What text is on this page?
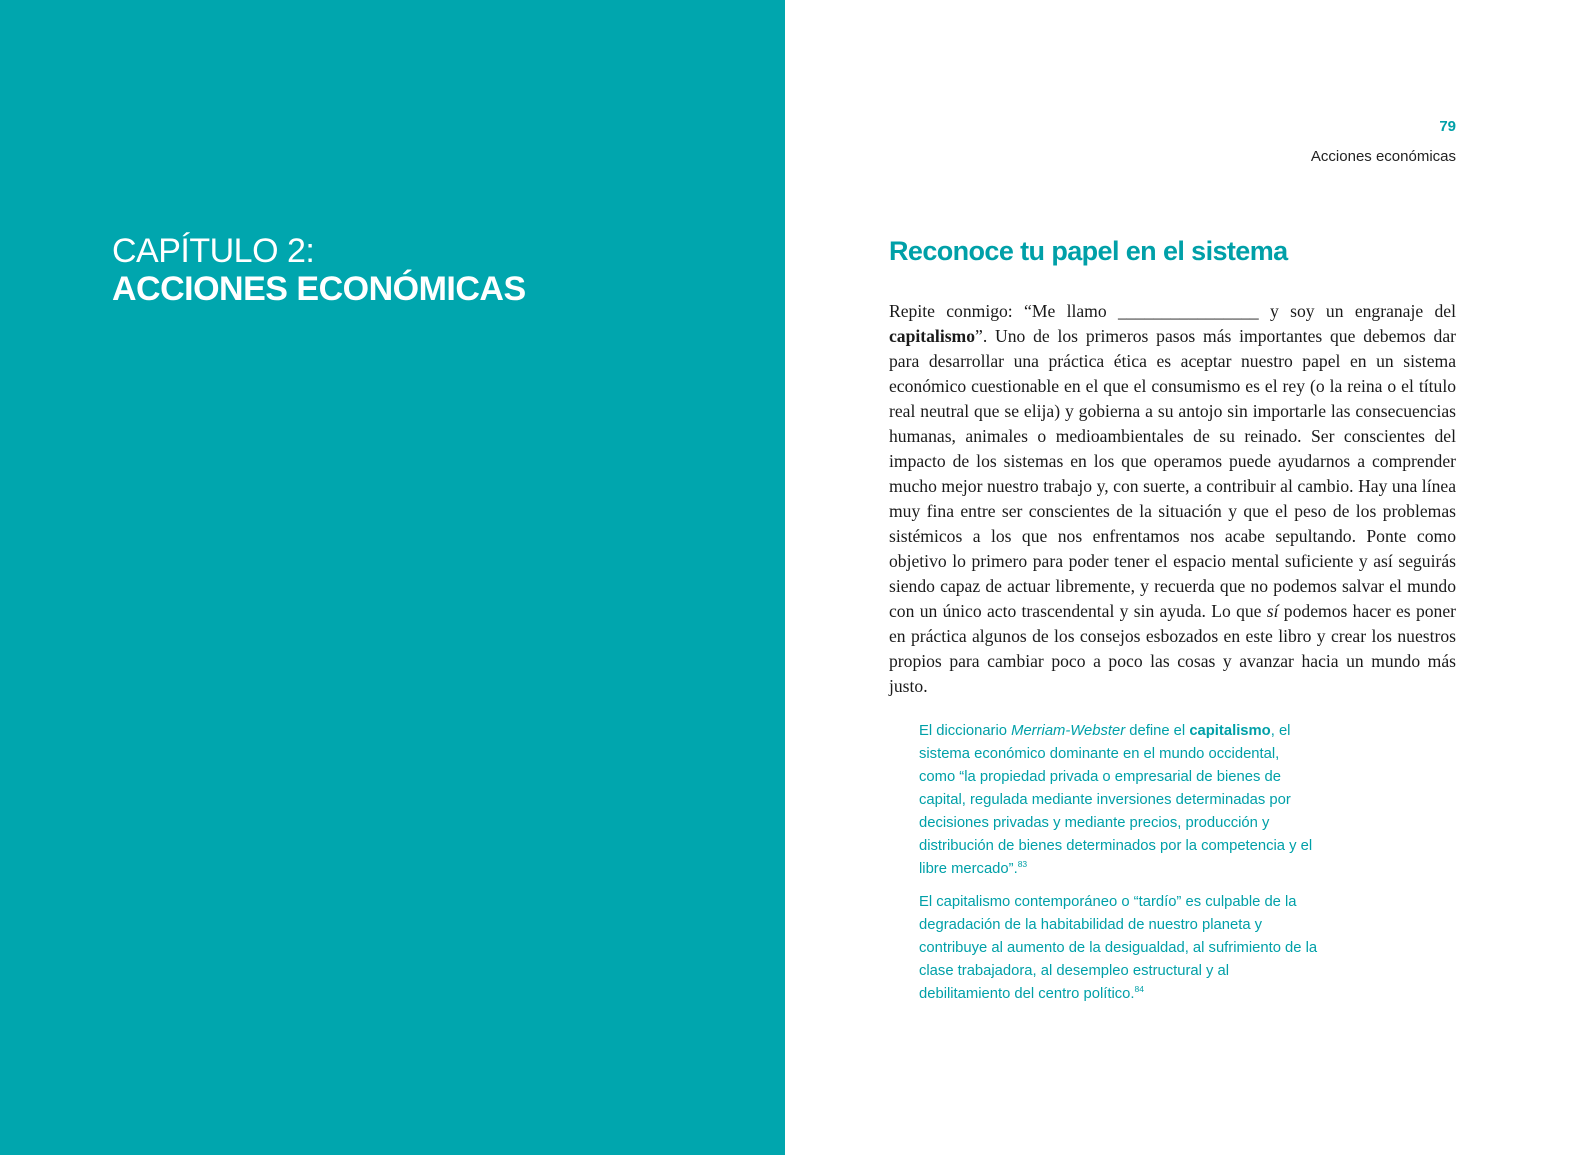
CAPÍTULO 2:
ACCIONES ECONÓMICAS
79
Acciones económicas
Reconoce tu papel en el sistema

Repite conmigo: “Me llamo ________________ y soy un engranaje del capitalismo”. Uno de los primeros pasos más importantes que debemos dar para desarrollar una práctica ética es aceptar nuestro papel en un sistema económico cuestionable en el que el consumismo es el rey (o la reina o el título real neutral que se elija) y gobierna a su antojo sin importarle las consecuencias humanas, animales o medioambientales de su reinado. Ser conscientes del impacto de los sistemas en los que operamos puede ayudarnos a comprender mucho mejor nuestro trabajo y, con suerte, a contribuir al cambio. Hay una línea muy fina entre ser conscientes de la situación y que el peso de los problemas sistémicos a los que nos enfrentamos nos acabe sepultando. Ponte como objetivo lo primero para poder tener el espacio mental suficiente y así seguirás siendo capaz de actuar libremente, y recuerda que no podemos salvar el mundo con un único acto trascendental y sin ayuda. Lo que sí podemos hacer es poner en práctica algunos de los consejos esbozados en este libro y crear los nuestros propios para cambiar poco a poco las cosas y avanzar hacia un mundo más justo.

El diccionario Merriam-Webster define el capitalismo, el sistema económico dominante en el mundo occidental, como “la propiedad privada o empresarial de bienes de capital, regulada mediante inversiones determinadas por decisiones privadas y mediante precios, producción y distribución de bienes determinados por la competencia y el libre mercado”.$^{83}$

El capitalismo contemporáneo o “tardío” es culpable de la degradación de la habitabilidad de nuestro planeta y contribuye al aumento de la desigualdad, al sufrimiento de la clase trabajadora, al desempleo estructural y al debilitamiento del centro político.$^{84}$
